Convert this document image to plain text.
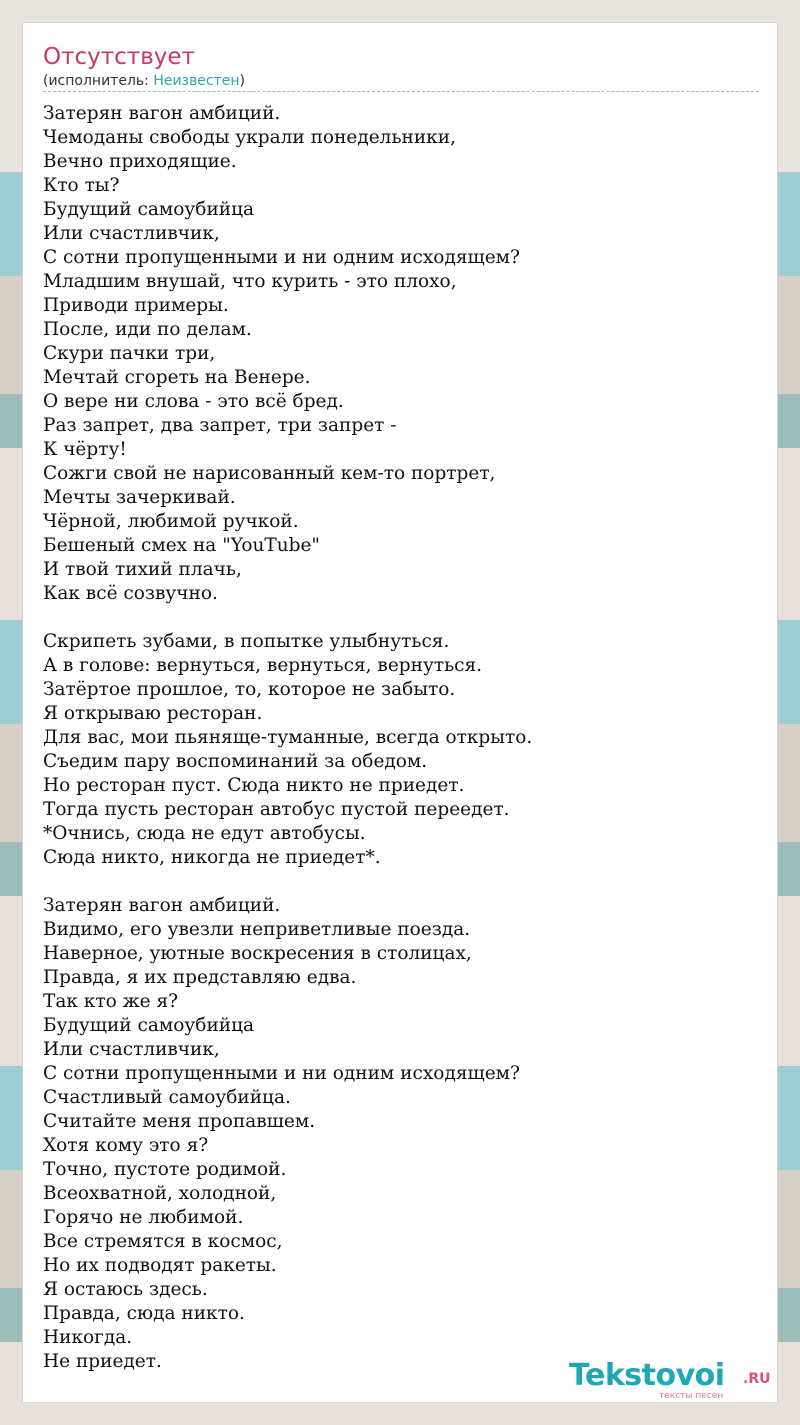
Отсутствует
(исполнитель: Неизвестен)
Затерян вагон амбиций.
Чемоданы свободы украли понедельники,
Вечно приходящие.
Кто ты?
Будущий самоубийца
Или счастливчик,
С сотни пропущенными и ни одним исходящем?
Младшим внушай, что курить - это плохо,
Приводи примеры.
После, иди по делам.
Скури пачки три,
Мечтай сгореть на Венере.
О вере ни слова - это всё бред.
Раз запрет, два запрет, три запрет -
К чёрту!
Сожги свой не нарисованный кем-то портрет,
Мечты зачеркивай.
Чёрной, любимой ручкой.
Бешеный смех на "YouTube"
И твой тихий плачь,
Как всё созвучно.
Скрипеть зубами, в попытке улыбнуться.
А в голове: вернуться, вернуться, вернуться.
Затёртое прошлое, то, которое не забыто.
Я открываю ресторан.
Для вас, мои пьяняще-туманные, всегда открыто.
Съедим пару воспоминаний за обедом.
Но ресторан пуст. Сюда никто не приедет.
Тогда пусть ресторан автобус пустой переедет.
*Очнись, сюда не едут автобусы.
Сюда никто, никогда не приедет*.
Затерян вагон амбиций.
Видимо, его увезли неприветливые поезда.
Наверное, уютные воскресения в столицах,
Правда, я их представляю едва.
Так кто же я?
Будущий самоубийца
Или счастливчик,
С сотни пропущенными и ни одним исходящем?
Счастливый самоубийца.
Считайте меня пропавшем.
Хотя кому это я?
Точно, пустоте родимой.
Всеохватной, холодной,
Горячо не любимой.
Все стремятся в космос,
Но их подводят ракеты.
Я остаюсь здесь.
Правда, сюда никто.
Никогда.
Не приедет.	Tekstovoi .RU
тексты песен
